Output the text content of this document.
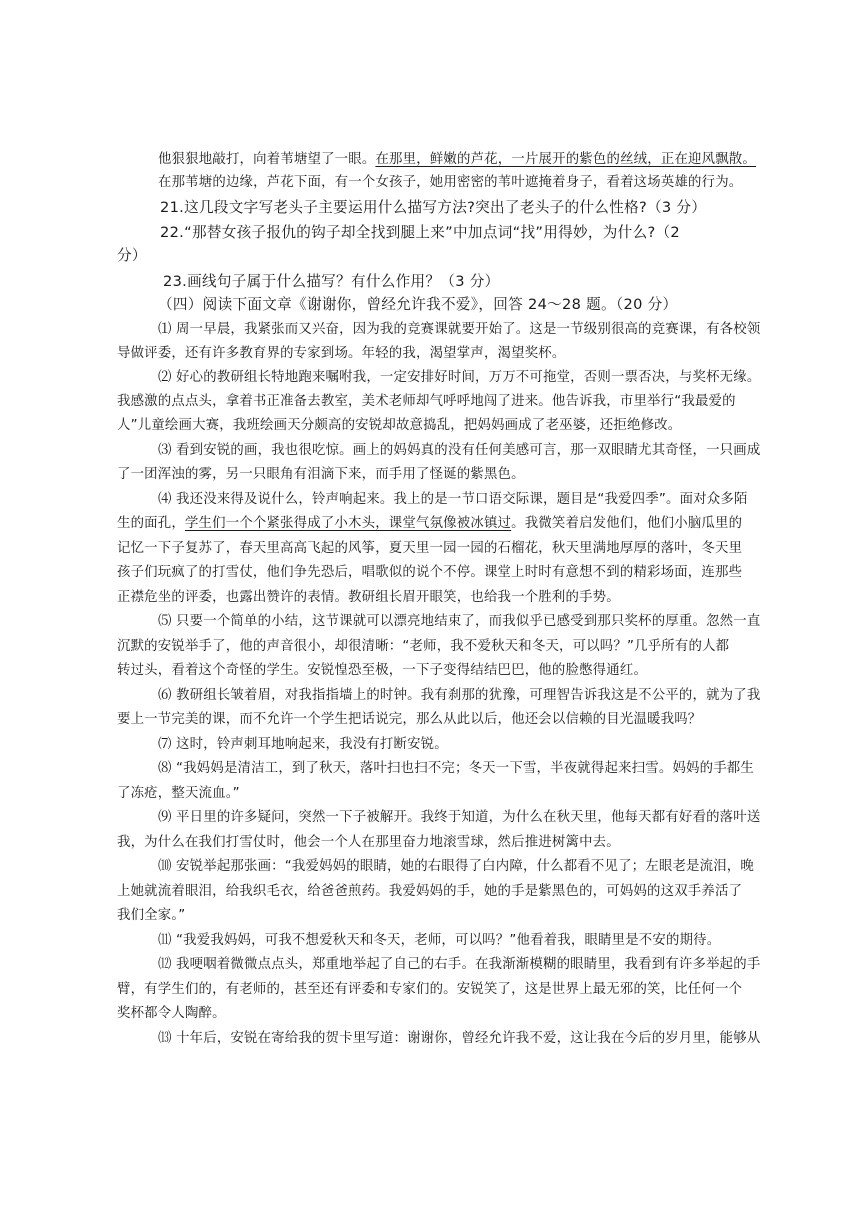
他狠狠地敲打，向着苇塘望了一眼。在那里，鲜嫩的芦花，一片展开的紫色的丝绒，正在迎风飘散。

在那苇塘的边缘，芦花下面，有一个女孩子，她用密密的苇叶遮掩着身子，看着这场英雄的行为。

21.这几段文字写老头子主要运用什么描写方法?突出了老头子的什么性格?（3 分）

22.“那替女孩子报仇的钩子却全找到腿上来”中加点词“找”用得妙，为什么?（2

分）

23.画线句子属于什么描写？有什么作用？（3 分）

（四）阅读下面文章《谢谢你，曾经允许我不爱》，回答 24～28 题。（20 分）

⑴ 周一早晨，我紧张而又兴奋，因为我的竞赛课就要开始了。这是一节级别很高的竞赛课，有各校领

导做评委，还有许多教育界的专家到场。年轻的我，渴望掌声，渴望奖杯。

⑵ 好心的教研组长特地跑来嘱咐我，一定安排好时间，万万不可拖堂，否则一票否决，与奖杯无缘。

我感激的点点头，拿着书正准备去教室，美术老师却气呼呼地闯了进来。他告诉我，市里举行“我最爱的

人”儿童绘画大赛，我班绘画天分颇高的安锐却故意捣乱，把妈妈画成了老巫婆，还拒绝修改。

⑶ 看到安锐的画，我也很吃惊。画上的妈妈真的没有任何美感可言，那一双眼睛尤其奇怪，一只画成

了一团浑浊的雾，另一只眼角有泪滴下来，而手用了怪诞的紫黑色。

⑷ 我还没来得及说什么，铃声响起来。我上的是一节口语交际课，题目是“我爱四季”。面对众多陌

生的面孔，学生们一个个紧张得成了小木头，课堂气氛像被冰镇过。我微笑着启发他们，他们小脑瓜里的

记忆一下子复苏了，春天里高高飞起的风筝，夏天里一园一园的石榴花，秋天里满地厚厚的落叶，冬天里

孩子们玩疯了的打雪仗，他们争先恐后，唱歌似的说个不停。课堂上时时有意想不到的精彩场面，连那些

正襟危坐的评委，也露出赞许的表情。教研组长眉开眼笑，也给我一个胜利的手势。

⑸ 只要一个简单的小结，这节课就可以漂亮地结束了，而我似乎已感受到那只奖杯的厚重。忽然一直

沉默的安锐举手了，他的声音很小，却很清晰：“老师，我不爱秋天和冬天，可以吗？”几乎所有的人都

转过头，看着这个奇怪的学生。安锐惶恐至极，一下子变得结结巴巴，他的脸憋得通红。

⑹ 教研组长皱着眉，对我指指墙上的时钟。我有刹那的犹豫，可理智告诉我这是不公平的，就为了我

要上一节完美的课，而不允许一个学生把话说完，那么从此以后，他还会以信赖的目光温暖我吗？

⑺ 这时，铃声刺耳地响起来，我没有打断安锐。

⑻ “我妈妈是清洁工，到了秋天，落叶扫也扫不完；冬天一下雪，半夜就得起来扫雪。妈妈的手都生

了冻疮，整天流血。”

⑼ 平日里的许多疑问，突然一下子被解开。我终于知道，为什么在秋天里，他每天都有好看的落叶送

我，为什么在我们打雪仗时，他会一个人在那里奋力地滚雪球，然后推进树篱中去。

⑽ 安锐举起那张画：“我爱妈妈的眼睛，她的右眼得了白内障，什么都看不见了；左眼老是流泪，晚

上她就流着眼泪，给我织毛衣，给爸爸煎药。我爱妈妈的手，她的手是紫黑色的，可妈妈的这双手养活了

我们全家。”

⑾ “我爱我妈妈，可我不想爱秋天和冬天，老师，可以吗？”他看着我，眼睛里是不安的期待。

⑿ 我哽咽着微微点点头，郑重地举起了自己的右手。在我渐渐模糊的眼睛里，我看到有许多举起的手

臂，有学生们的，有老师的，甚至还有评委和专家们的。安锐笑了，这是世界上最无邪的笑，比任何一个

奖杯都令人陶醉。

⒀ 十年后，安锐在寄给我的贺卡里写道：谢谢你，曾经允许我不爱，这让我在今后的岁月里，能够从
